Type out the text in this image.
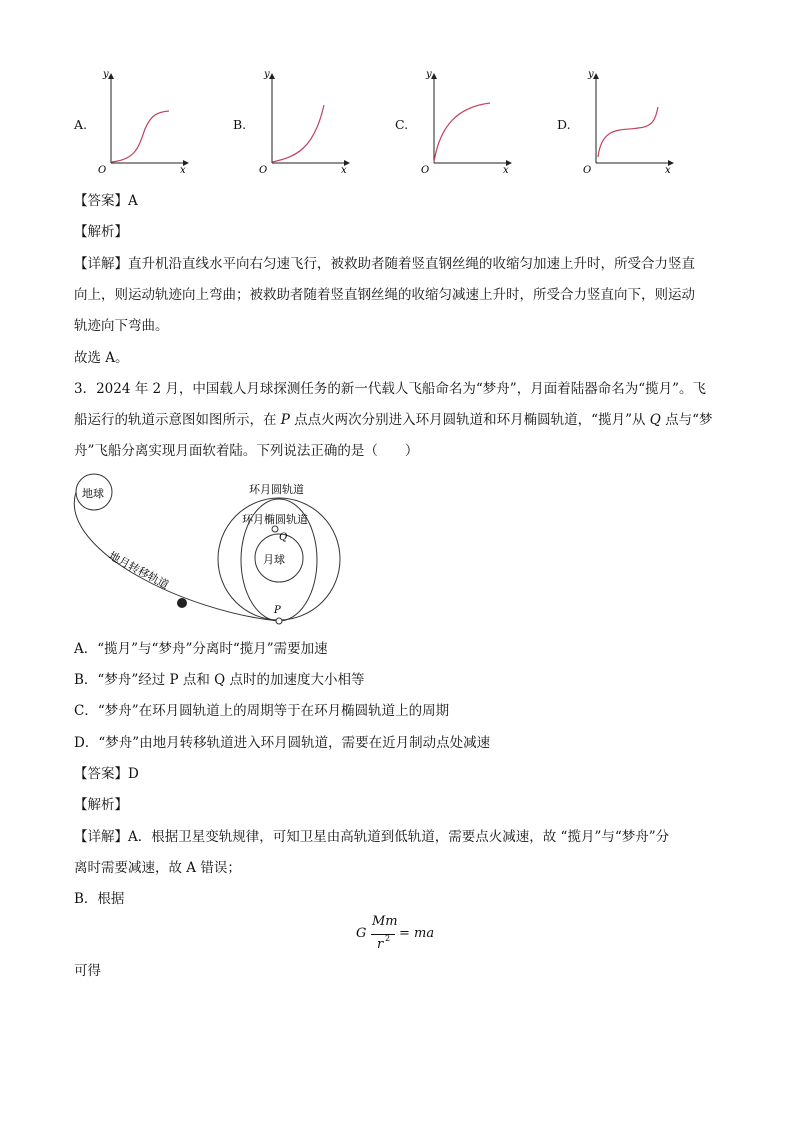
A.
y
x
O
B.
y
x
O
C.
y
x
O
D.
y
x
O
【答案】A
【解析】
【详解】直升机沿直线水平向右匀速飞行，被救助者随着竖直钢丝绳的收缩匀加速上升时，所受合力竖直
向上，则运动轨迹向上弯曲；被救助者随着竖直钢丝绳的收缩匀减速上升时，所受合力竖直向下，则运动
轨迹向下弯曲。
故选 A。
3．2024 年 2 月，中国载人月球探测任务的新一代载人飞船命名为“梦舟”，月面着陆器命名为“揽月”。飞
船运行的轨道示意图如图所示，在 P 点点火两次分别进入环月圆轨道和环月椭圆轨道，“揽月”从 Q 点与“梦
舟”飞船分离实现月面软着陆。下列说法正确的是（　　）
地球
地月转移轨道
环月圆轨道
环月椭圆轨道
月球
Q
P
A．“揽月”与“梦舟”分离时“揽月”需要加速
B．“梦舟”经过 P 点和 Q 点时的加速度大小相等
C．“梦舟”在环月圆轨道上的周期等于在环月椭圆轨道上的周期
D．“梦舟”由地月转移轨道进入环月圆轨道，需要在近月制动点处减速
【答案】D
【解析】
【详解】A．根据卫星变轨规律，可知卫星由高轨道到低轨道，需要点火减速，故 “揽月”与“梦舟”分
离时需要减速，故 A 错误；
B．根据
G
Mm
r 2 = ma
可得
